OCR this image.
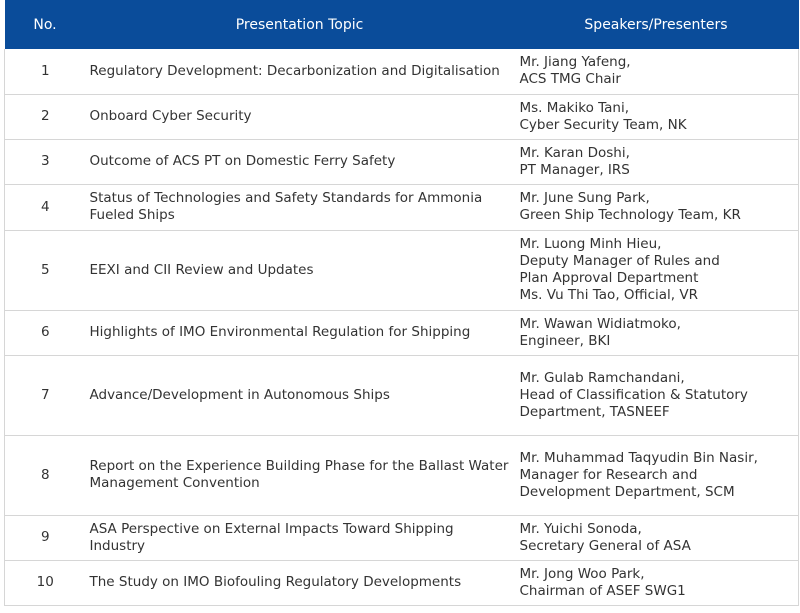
No.	Presentation Topic	Speakers/Presenters
1	Regulatory Development: Decarbonization and Digitalisation	Mr. Jiang Yafeng,
ACS TMG Chair
2	Onboard Cyber Security	Ms. Makiko Tani,
Cyber Security Team, NK
3	Outcome of ACS PT on Domestic Ferry Safety	Mr. Karan Doshi,
PT Manager, IRS
4	Status of Technologies and Safety Standards for Ammonia Fueled Ships	Mr. June Sung Park,
Green Ship Technology Team, KR
5	EEXI and CII Review and Updates	Mr. Luong Minh Hieu,
Deputy Manager of Rules and
Plan Approval Department
Ms. Vu Thi Tao, Official, VR
6	Highlights of IMO Environmental Regulation for Shipping	Mr. Wawan Widiatmoko,
Engineer, BKI
7	Advance/Development in Autonomous Ships	Mr. Gulab Ramchandani,
Head of Classification & Statutory
Department, TASNEEF
8	Report on the Experience Building Phase for the Ballast Water Management Convention	Mr. Muhammad Taqyudin Bin Nasir,
Manager for Research and
Development Department, SCM
9	ASA Perspective on External Impacts Toward Shipping Industry	Mr. Yuichi Sonoda,
Secretary General of ASA
10	The Study on IMO Biofouling Regulatory Developments	Mr. Jong Woo Park,
Chairman of ASEF SWG1
